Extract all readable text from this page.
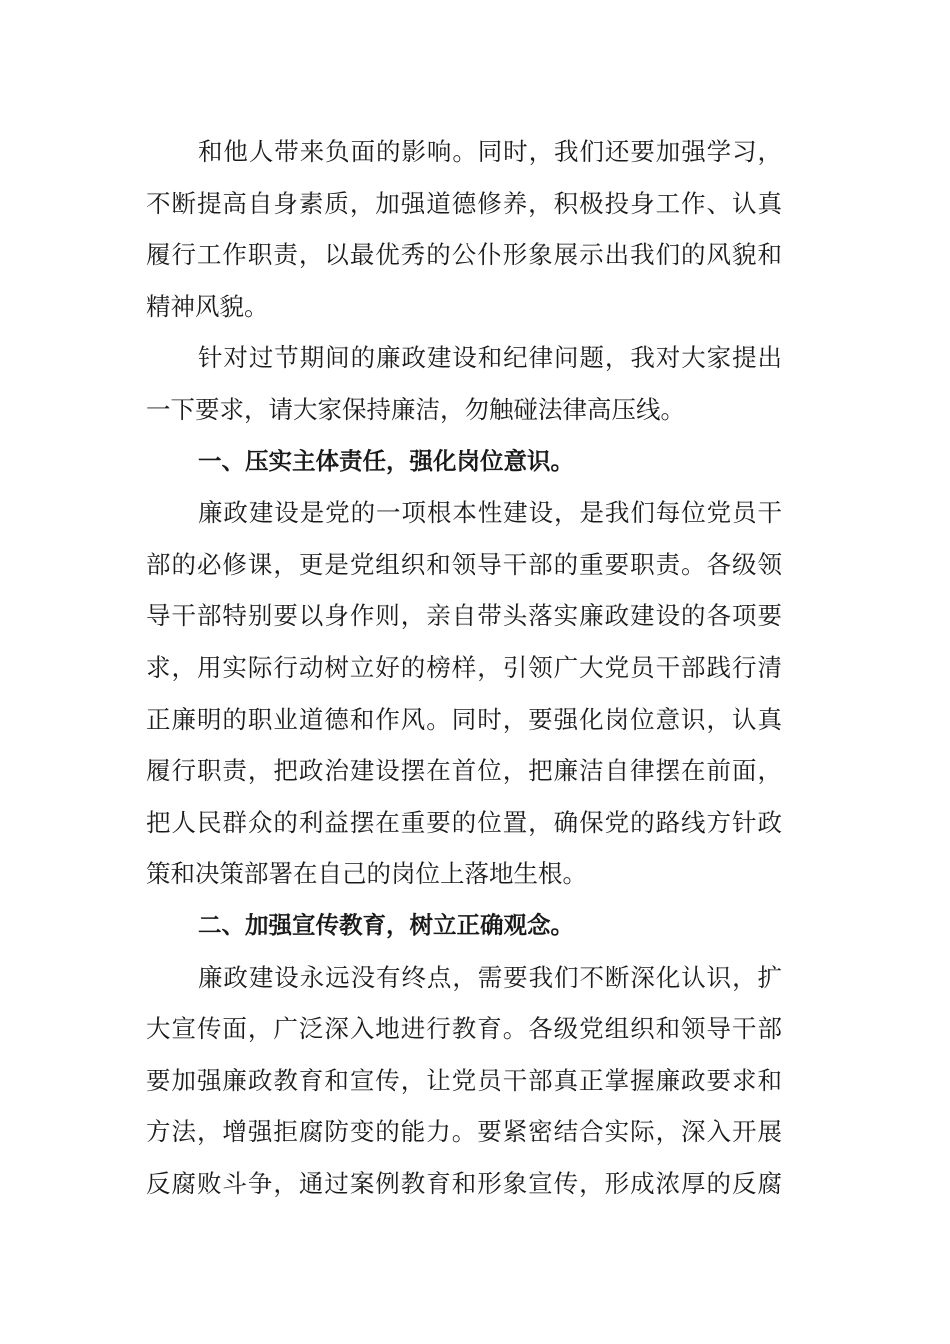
和他人带来负面的影响。同时，我们还要加强学习，
不断提高自身素质，加强道德修养，积极投身工作、认真
履行工作职责，以最优秀的公仆形象展示出我们的风貌和
精神风貌。
针对过节期间的廉政建设和纪律问题，我对大家提出
一下要求，请大家保持廉洁，勿触碰法律高压线。
一、压实主体责任，强化岗位意识。
廉政建设是党的一项根本性建设，是我们每位党员干
部的必修课，更是党组织和领导干部的重要职责。各级领
导干部特别要以身作则，亲自带头落实廉政建设的各项要
求，用实际行动树立好的榜样，引领广大党员干部践行清
正廉明的职业道德和作风。同时，要强化岗位意识，认真
履行职责，把政治建设摆在首位，把廉洁自律摆在前面，
把人民群众的利益摆在重要的位置，确保党的路线方针政
策和决策部署在自己的岗位上落地生根。
二、加强宣传教育，树立正确观念。
廉政建设永远没有终点，需要我们不断深化认识，扩
大宣传面，广泛深入地进行教育。各级党组织和领导干部
要加强廉政教育和宣传，让党员干部真正掌握廉政要求和
方法，增强拒腐防变的能力。要紧密结合实际，深入开展
反腐败斗争，通过案例教育和形象宣传，形成浓厚的反腐
